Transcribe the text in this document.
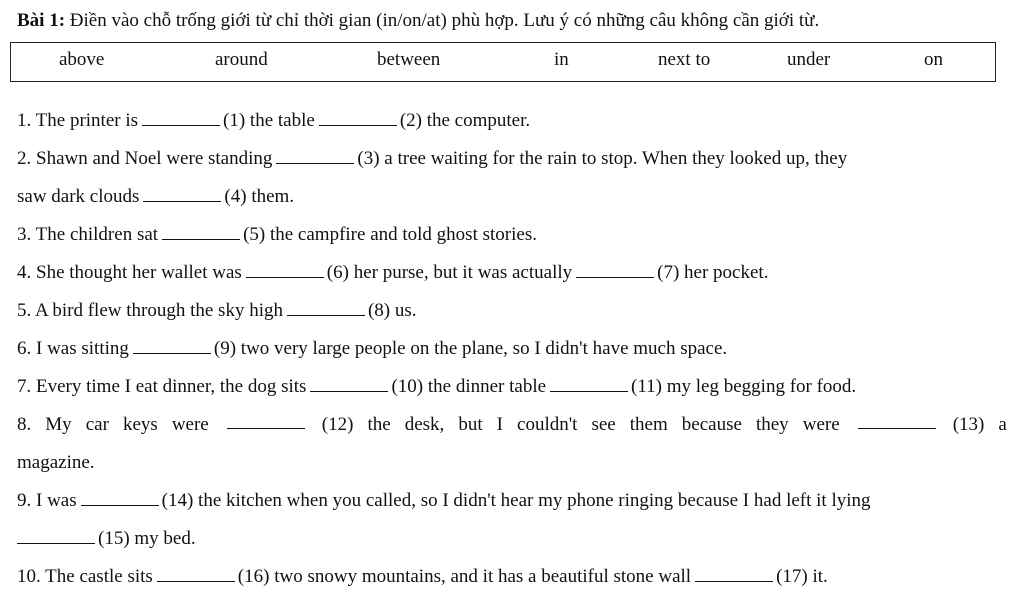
Bài 1: Điền vào chỗ trống giới từ chỉ thời gian (in/on/at) phù hợp. Lưu ý có những câu không cần giới từ.
above	around	between	in	next to	under	on
1. The printer is	(1) the table	(2) the computer.
2. Shawn and Noel were standing	(3) a tree waiting for the rain to stop. When they looked up, they
saw dark clouds	(4) them.
3. The children sat	(5) the campfire and told ghost stories.
4. She thought her wallet was	(6) her purse, but it was actually	(7) her pocket.
5. A bird flew through the sky high	(8) us.
6. I was sitting	(9) two very large people on the plane, so I didn't have much space.
7. Every time I eat dinner, the dog sits	(10) the dinner table	(11) my leg begging for food.
8. My car keys were	(12) the desk, but I couldn't see them because they were	(13) a
magazine.
9. I was	(14) the kitchen when you called, so I didn't hear my phone ringing because I had left it lying
(15) my bed.
10. The castle sits	(16) two snowy mountains, and it has a beautiful stone wall	(17) it.
